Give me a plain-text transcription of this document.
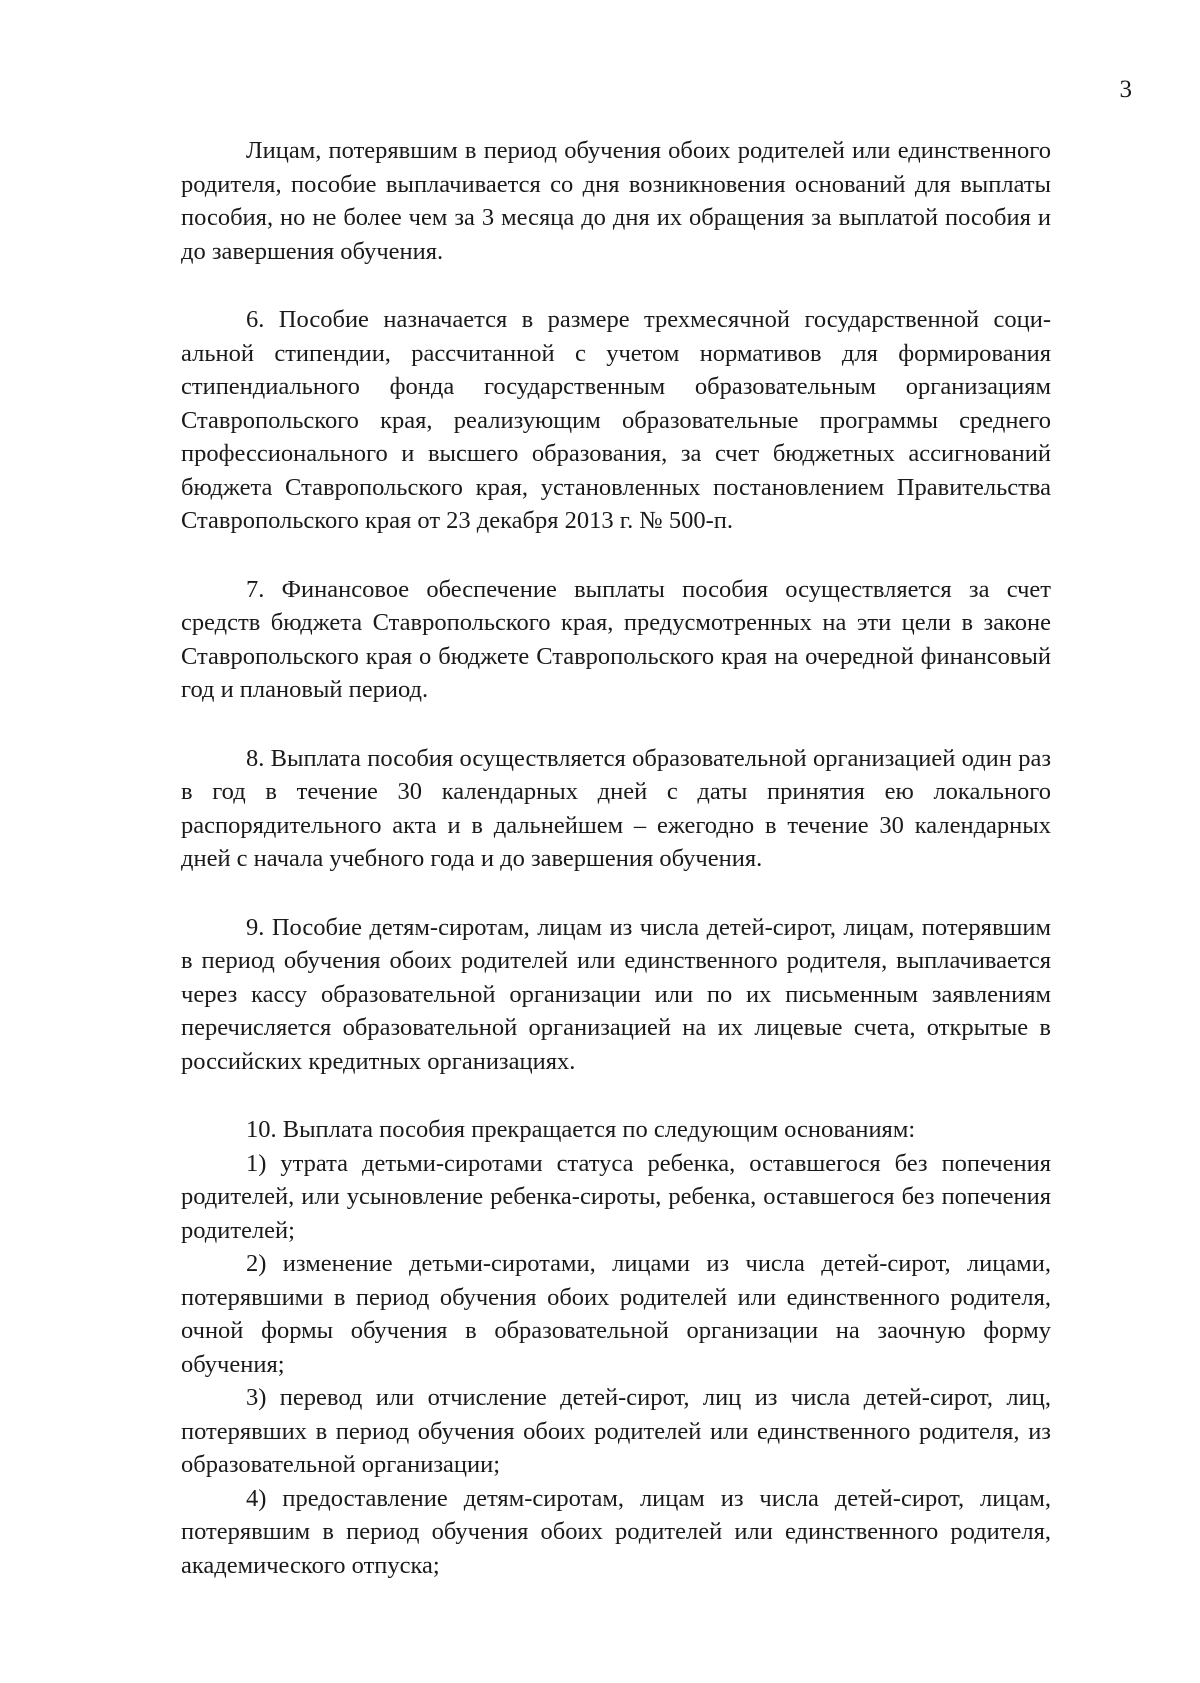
3

Лицам, потерявшим в период обучения обоих родителей или единственного родителя, пособие выплачивается со дня возникновения оснований для выплаты пособия, но не более чем за 3 месяца до дня их обращения за выплатой пособия и до завершения обучения.

6. Пособие назначается в размере трехмесячной государственной социальной стипендии, рассчитанной с учетом нормативов для формирования стипендиального фонда государственным образовательным организациям Ставропольского края, реализующим образовательные программы среднего профессионального и высшего образования, за счет бюджетных ассигнований бюджета Ставропольского края, установленных постановлением Правительства Ставропольского края от 23 декабря 2013 г. № 500-п.

7. Финансовое обеспечение выплаты пособия осуществляется за счет средств бюджета Ставропольского края, предусмотренных на эти цели в законе Ставропольского края о бюджете Ставропольского края на очередной финансовый год и плановый период.

8. Выплата пособия осуществляется образовательной организацией один раз в год в течение 30 календарных дней с даты принятия ею локального распорядительного акта и в дальнейшем – ежегодно в течение 30 календарных дней с начала учебного года и до завершения обучения.

9. Пособие детям-сиротам, лицам из числа детей-сирот, лицам, потерявшим в период обучения обоих родителей или единственного родителя, выплачивается через кассу образовательной организации или по их письменным заявлениям перечисляется образовательной организацией на их лицевые счета, открытые в российских кредитных организациях.

10. Выплата пособия прекращается по следующим основаниям:

1) утрата детьми-сиротами статуса ребенка, оставшегося без попечения родителей, или усыновление ребенка-сироты, ребенка, оставшегося без попечения родителей;

2) изменение детьми-сиротами, лицами из числа детей-сирот, лицами, потерявшими в период обучения обоих родителей или единственного родителя, очной формы обучения в образовательной организации на заочную форму обучения;

3) перевод или отчисление детей-сирот, лиц из числа детей-сирот, лиц, потерявших в период обучения обоих родителей или единственного родителя, из образовательной организации;

4) предоставление детям-сиротам, лицам из числа детей-сирот, лицам, потерявшим в период обучения обоих родителей или единственного родителя, академического отпуска;
